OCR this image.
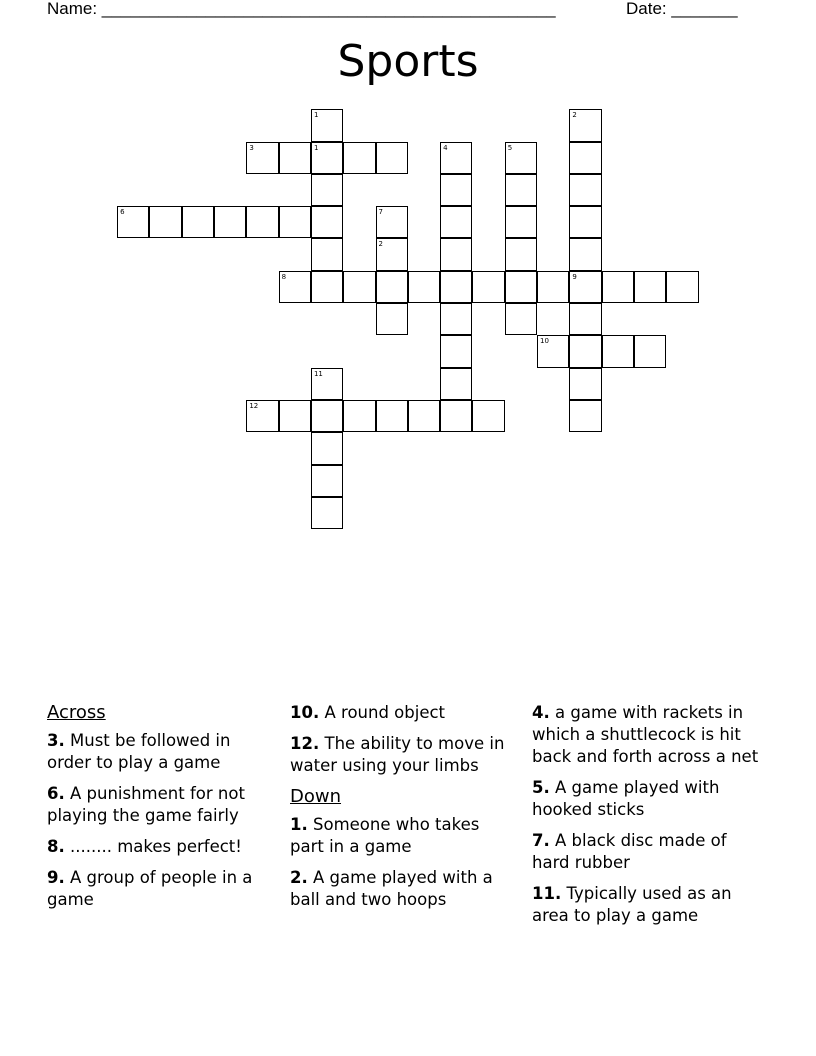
Name: ________________________________________________	Date: _______
Sports
1
2
3	4	5
6	7
8	9
10
11
12
2
1
Across
3. Must be followed in order to play a game
6. A punishment for not playing the game fairly
8. ........ makes perfect!
9. A group of people in a game
10. A round object
12. The ability to move in water using your limbs
Down
1. Someone who takes part in a game
2. A game played with a ball and two hoops
4. a game with rackets in which a shuttlecock is hit back and forth across a net
5. A game played with hooked sticks
7. A black disc made of hard rubber
11. Typically used as an area to play a game
